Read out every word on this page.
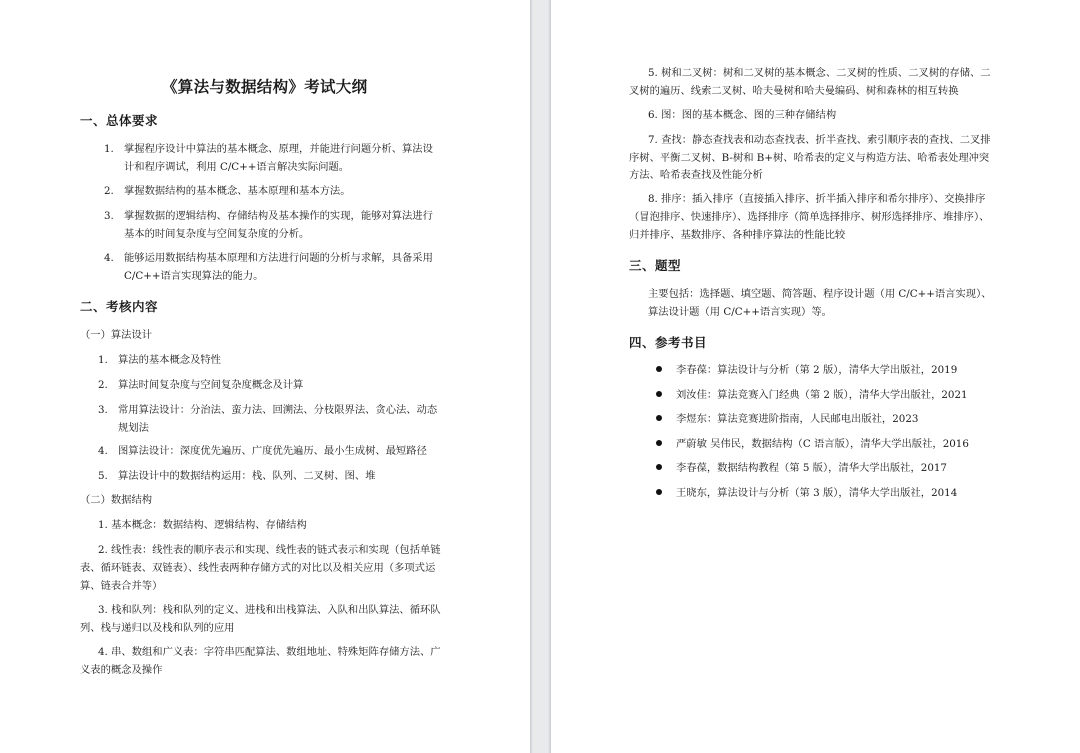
《算法与数据结构》考试大纲
一、总体要求
1. 掌握程序设计中算法的基本概念、原理，并能进行问题分析、算法设
计和程序调试，利用 C/C++语言解决实际问题。
2. 掌握数据结构的基本概念、基本原理和基本方法。
3. 掌握数据的逻辑结构、存储结构及基本操作的实现，能够对算法进行
基本的时间复杂度与空间复杂度的分析。
4. 能够运用数据结构基本原理和方法进行问题的分析与求解，具备采用
C/C++语言实现算法的能力。
二、考核内容
（一）算法设计
1. 算法的基本概念及特性
2. 算法时间复杂度与空间复杂度概念及计算
3. 常用算法设计：分治法、蛮力法、回溯法、分枝限界法、贪心法、动态
规划法
4. 图算法设计：深度优先遍历、广度优先遍历、最小生成树、最短路径
5. 算法设计中的数据结构运用：栈、队列、二叉树、图、堆
（二）数据结构
1. 基本概念：数据结构、逻辑结构、存储结构
2. 线性表：线性表的顺序表示和实现、线性表的链式表示和实现（包括单链
表、循环链表、双链表）、线性表两种存储方式的对比以及相关应用（多项式运
算、链表合并等）
3. 栈和队列：栈和队列的定义、进栈和出栈算法、入队和出队算法、循环队
列、栈与递归以及栈和队列的应用
4. 串、数组和广义表：字符串匹配算法、数组地址、特殊矩阵存储方法、广
义表的概念及操作
5. 树和二叉树：树和二叉树的基本概念、二叉树的性质、二叉树的存储、二
叉树的遍历、线索二叉树、哈夫曼树和哈夫曼编码、树和森林的相互转换
6. 图：图的基本概念、图的三种存储结构
7. 查找：静态查找表和动态查找表、折半查找、索引顺序表的查找、二叉排
序树、平衡二叉树、B-树和 B+树、哈希表的定义与构造方法、哈希表处理冲突
方法、哈希表查找及性能分析
8. 排序：插入排序（直接插入排序、折半插入排序和希尔排序）、交换排序
（冒泡排序、快速排序）、选择排序（简单选择排序、树形选择排序、堆排序）、
归并排序、基数排序、各种排序算法的性能比较
三、题型
主要包括：选择题、填空题、简答题、程序设计题（用 C/C++语言实现）、
算法设计题（用 C/C++语言实现）等。
四、参考书目
李春葆：算法设计与分析（第 2 版），清华大学出版社，2019
刘汝佳：算法竞赛入门经典（第 2 版），清华大学出版社，2021
李煜东：算法竞赛进阶指南，人民邮电出版社，2023
严蔚敏 吴伟民，数据结构（C 语言版），清华大学出版社，2016
李春葆，数据结构教程（第 5 版），清华大学出版社，2017
王晓东，算法设计与分析（第 3 版），清华大学出版社，2014
